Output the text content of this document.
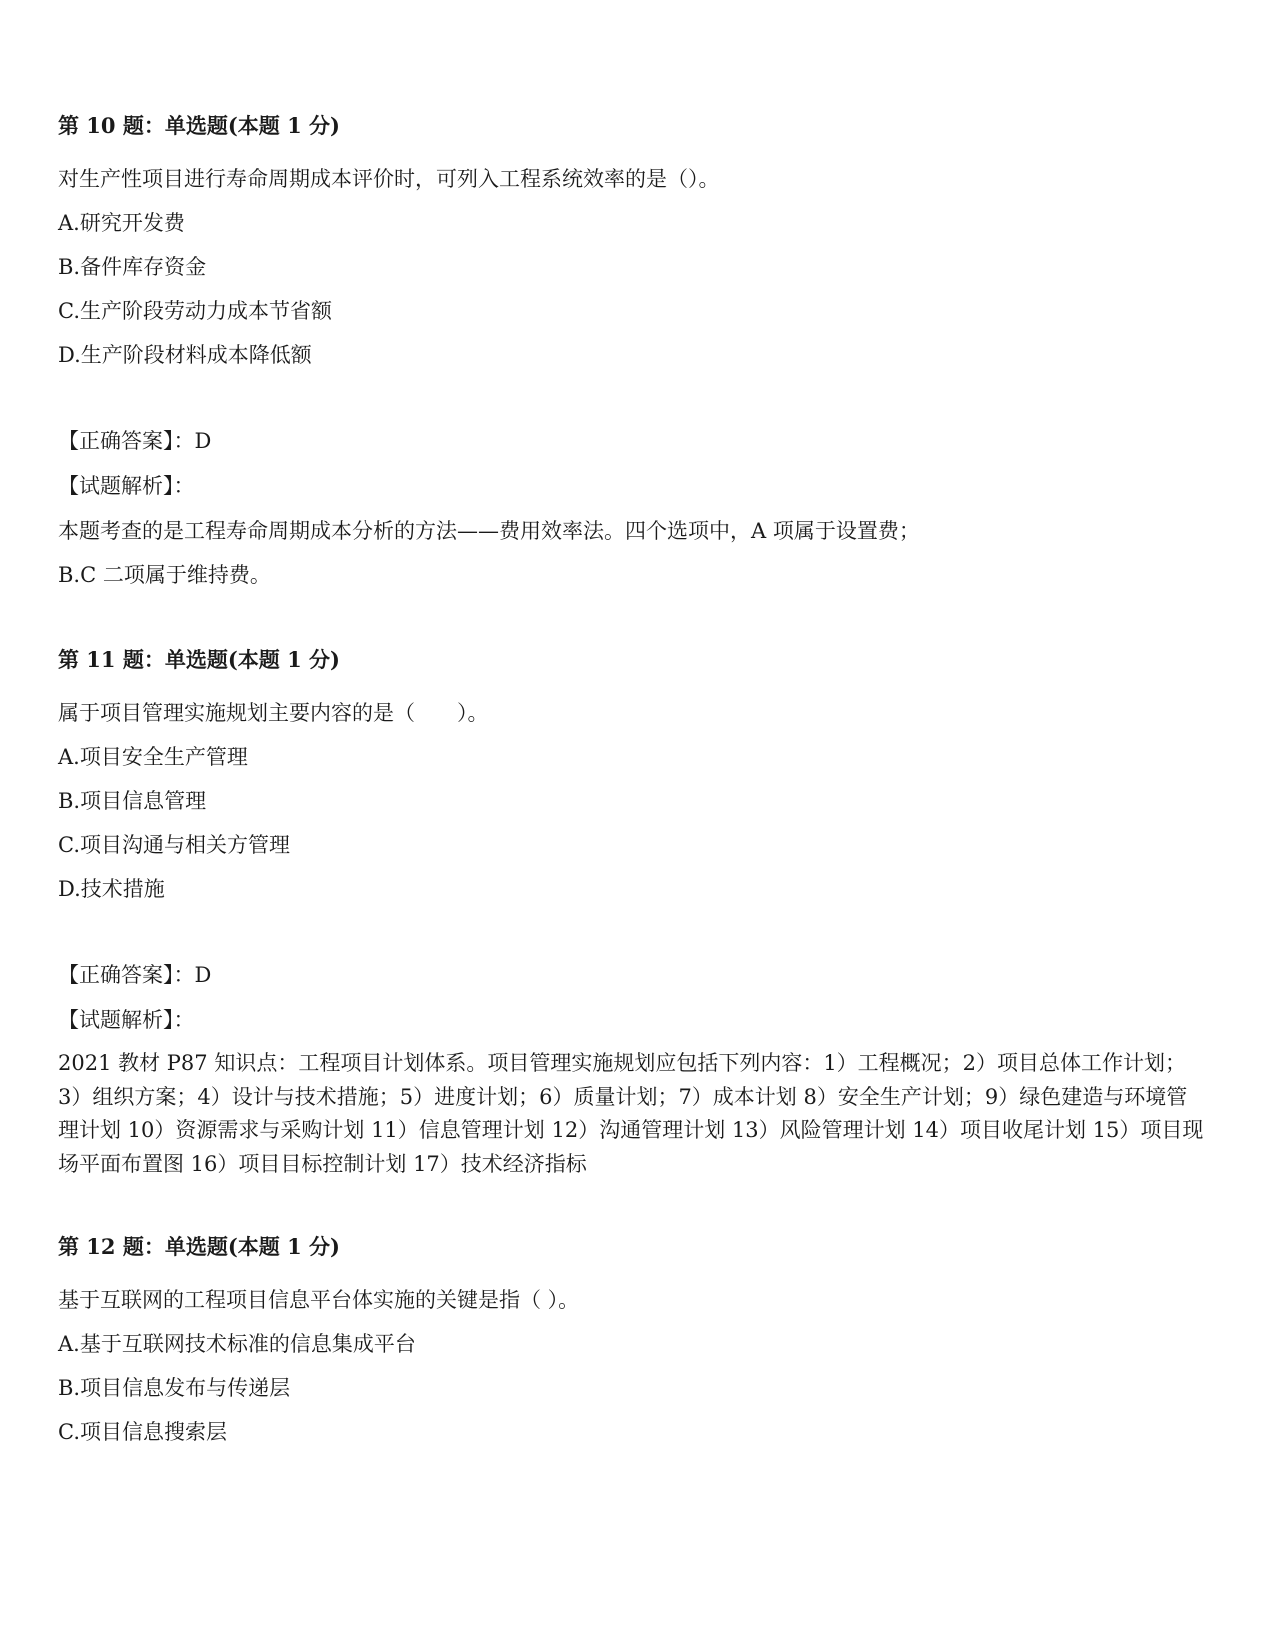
第 10 题：单选题(本题 1 分)
对生产性项目进行寿命周期成本评价时，可列入工程系统效率的是（）。
A.研究开发费
B.备件库存资金
C.生产阶段劳动力成本节省额
D.生产阶段材料成本降低额
【正确答案】：D
【试题解析】：
本题考查的是工程寿命周期成本分析的方法——费用效率法。四个选项中，A 项属于设置费；
B.C 二项属于维持费。
第 11 题：单选题(本题 1 分)
属于项目管理实施规划主要内容的是（　　）。
A.项目安全生产管理
B.项目信息管理
C.项目沟通与相关方管理
D.技术措施
【正确答案】：D
【试题解析】：
2021 教材 P87 知识点：工程项目计划体系。项目管理实施规划应包括下列内容：1）工程概况；2）项目总体工作计划；3）组织方案；4）设计与技术措施；5）进度计划；6）质量计划；7）成本计划 8）安全生产计划；9）绿色建造与环境管理计划 10）资源需求与采购计划 11）信息管理计划 12）沟通管理计划 13）风险管理计划 14）项目收尾计划 15）项目现场平面布置图 16）项目目标控制计划 17）技术经济指标
第 12 题：单选题(本题 1 分)
基于互联网的工程项目信息平台体实施的关键是指（ ）。
A.基于互联网技术标准的信息集成平台
B.项目信息发布与传递层
C.项目信息搜索层
